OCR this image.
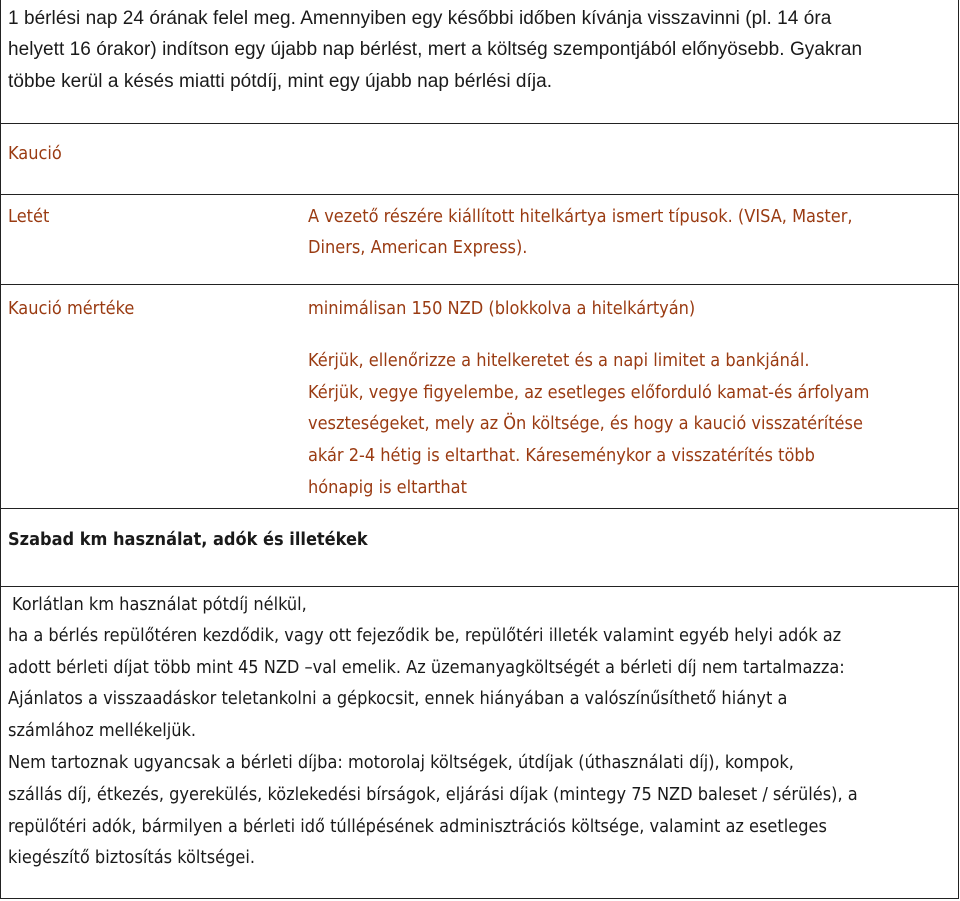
1 bérlési nap 24 órának felel meg. Amennyiben egy későbbi időben kívánja visszavinni (pl. 14 óra
helyett 16 órakor) indítson egy újabb nap bérlést, mert a költség szempontjából előnyösebb. Gyakran
többe kerül a késés miatti pótdíj, mint egy újabb nap bérlési díja.
Kaució
Letét	A vezető részére kiállított hitelkártya ismert típusok. (VISA, Master,
Diners, American Express).
Kaució mértéke	minimálisan 150 NZD (blokkolva a hitelkártyán)
Kérjük, ellenőrizze a hitelkeretet és a napi limitet a bankjánál.
Kérjük, vegye figyelembe, az esetleges előforduló kamat-és árfolyam
veszteségeket, mely az Ön költsége, és hogy a kaució visszatérítése
akár 2-4 hétig is eltarthat. Káreseménykor a visszatérítés több
hónapig is eltarthat
Szabad km használat, adók és illetékek
Korlátlan km használat pótdíj nélkül,
ha a bérlés repülőtéren kezdődik, vagy ott fejeződik be, repülőtéri illeték valamint egyéb helyi adók az
adott bérleti díjat több mint 45 NZD –val emelik. Az üzemanyagköltségét a bérleti díj nem tartalmazza:
Ajánlatos a visszaadáskor teletankolni a gépkocsit, ennek hiányában a valószínűsíthető hiányt a
számlához mellékeljük.
Nem tartoznak ugyancsak a bérleti díjba: motorolaj költségek, útdíjak (úthasználati díj), kompok,
szállás díj, étkezés, gyerekülés, közlekedési bírságok, eljárási díjak (mintegy 75 NZD baleset / sérülés), a
repülőtéri adók, bármilyen a bérleti idő túllépésének adminisztrációs költsége, valamint az esetleges
kiegészítő biztosítás költségei.
